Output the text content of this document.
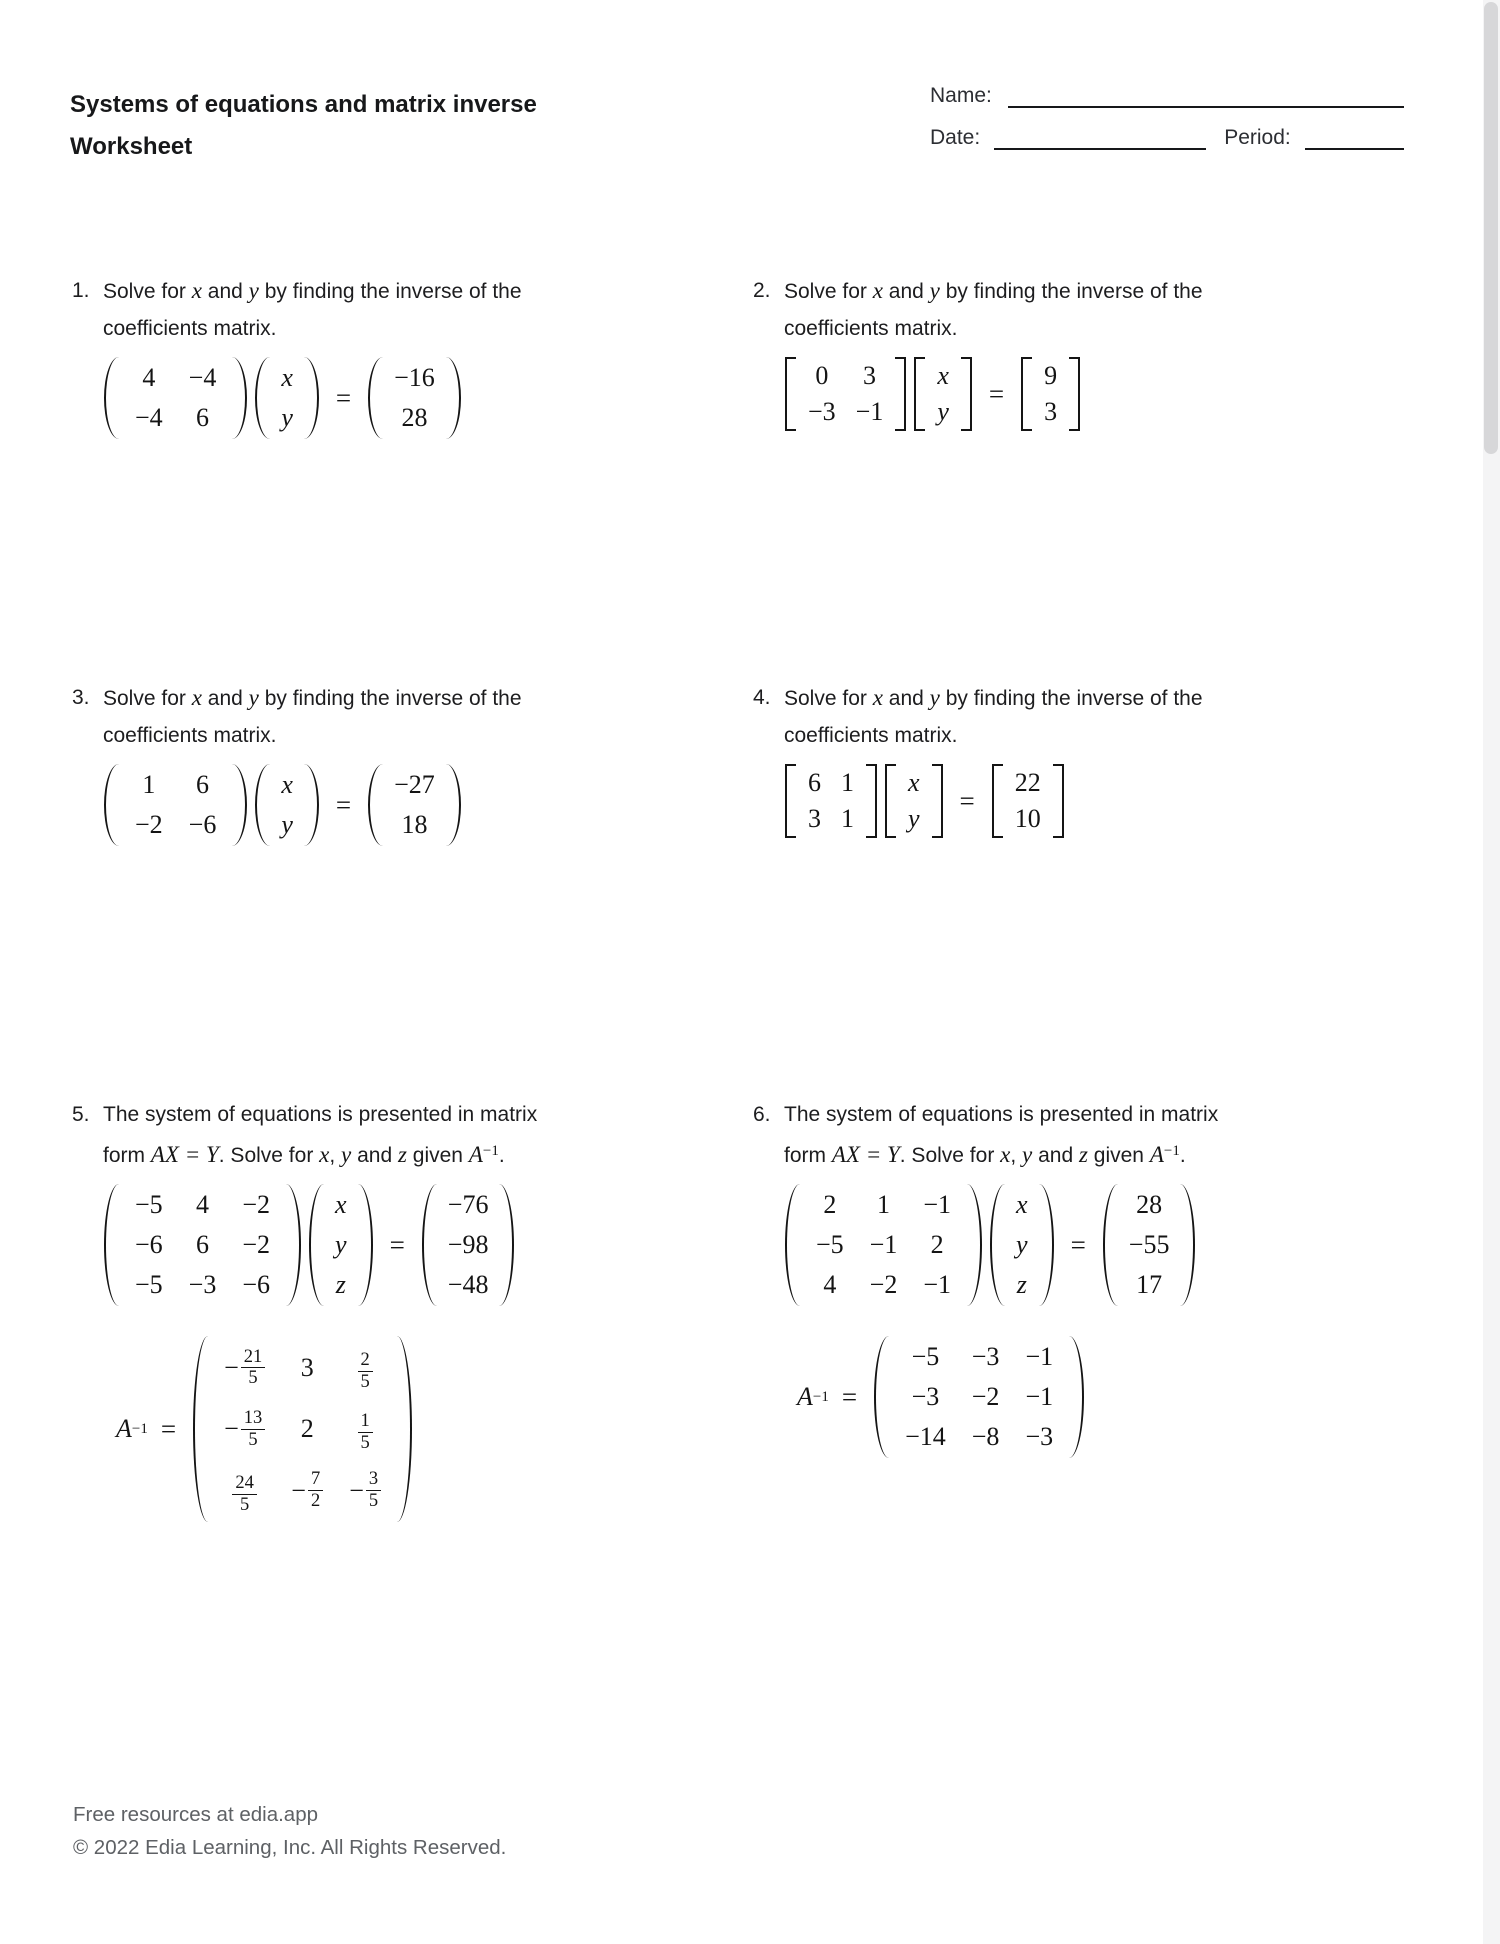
Systems of equations and matrix inverse
Worksheet
Name:
Date:	Period:
1. Solve for x and y by finding the inverse of the
coefficients matrix.
4	−4
−4	6
x
y
=
−16
28
2. Solve for x and y by finding the inverse of the
coefficients matrix.
0	3
−3	−1
x
y
=
9
3
3. Solve for x and y by finding the inverse of the
coefficients matrix.
1	6
−2	−6
x
y
=
−27
18
4. Solve for x and y by finding the inverse of the
coefficients matrix.
6	1
3	1
x
y
=
22
10
5. The system of equations is presented in matrix
form AX = Y. Solve for x, y and z given $A^{-1}$.
−5	4	−2
−6	6	−2
−5	−3	−6
x
y
z
=
−76
−98
−48
A −1 =
− $\frac{21}{5}$	3	$\frac{2}{5}$

− $\frac{13}{5}$	2	$\frac{1}{5}$

$\frac{24}{5}$	− $\frac{7}{2}$	− $\frac{3}{5}$
6. The system of equations is presented in matrix
form AX = Y. Solve for x, y and z given $A^{-1}$.
2	1	−1
−5	−1	2
4	−2	−1
x
y
z
=
28
−55
17
A −1 =
−5	−3	−1
−3	−2	−1
−14	−8	−3
Free resources at edia.app
© 2022 Edia Learning, Inc. All Rights Reserved.
